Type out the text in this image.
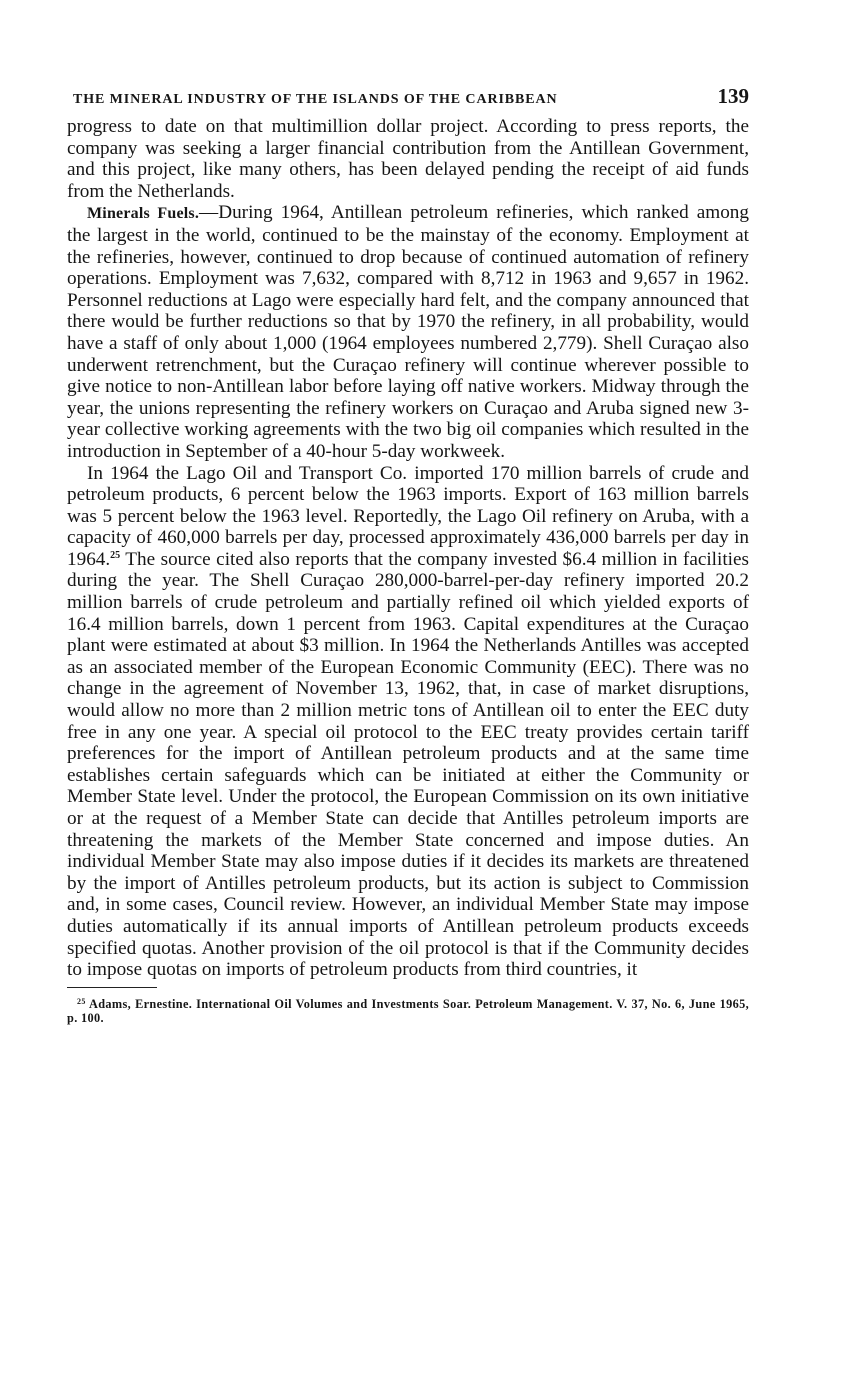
THE MINERAL INDUSTRY OF THE ISLANDS OF THE CARIBBEAN	139

progress to date on that multimillion dollar project. According to press reports, the company was seeking a larger financial contribution from the Antillean Government, and this project, like many others, has been delayed pending the receipt of aid funds from the Netherlands.

Minerals Fuels.—During 1964, Antillean petroleum refineries, which ranked among the largest in the world, continued to be the mainstay of the economy. Employment at the refineries, however, continued to drop because of continued automation of refinery operations. Employment was 7,632, compared with 8,712 in 1963 and 9,657 in 1962. Personnel reductions at Lago were especially hard felt, and the company announced that there would be further reductions so that by 1970 the refinery, in all probability, would have a staff of only about 1,000 (1964 employees numbered 2,779). Shell Curaçao also underwent retrenchment, but the Curaçao refinery will continue wherever possible to give notice to non-Antillean labor before laying off native workers. Midway through the year, the unions representing the refinery workers on Curaçao and Aruba signed new 3-year collective working agreements with the two big oil companies which resulted in the introduction in September of a 40-hour 5-day workweek.

In 1964 the Lago Oil and Transport Co. imported 170 million barrels of crude and petroleum products, 6 percent below the 1963 imports. Export of 163 million barrels was 5 percent below the 1963 level. Reportedly, the Lago Oil refinery on Aruba, with a capacity of 460,000 barrels per day, processed approximately 436,000 barrels per day in 1964.25 The source cited also reports that the company invested $6.4 million in facilities during the year. The Shell Curaçao 280,000-barrel-per-day refinery imported 20.2 million barrels of crude petroleum and partially refined oil which yielded exports of 16.4 million barrels, down 1 percent from 1963. Capital expenditures at the Curaçao plant were estimated at about $3 million. In 1964 the Netherlands Antilles was accepted as an associated member of the European Economic Community (EEC). There was no change in the agreement of November 13, 1962, that, in case of market disruptions, would allow no more than 2 million metric tons of Antillean oil to enter the EEC duty free in any one year. A special oil protocol to the EEC treaty provides certain tariff preferences for the import of Antillean petroleum products and at the same time establishes certain safeguards which can be initiated at either the Community or Member State level. Under the protocol, the European Commission on its own initiative or at the request of a Member State can decide that Antilles petroleum imports are threatening the markets of the Member State concerned and impose duties. An individual Member State may also impose duties if it decides its markets are threatened by the import of Antilles petroleum products, but its action is subject to Commission and, in some cases, Council review. However, an individual Member State may impose duties automatically if its annual imports of Antillean petroleum products exceeds specified quotas. Another provision of the oil protocol is that if the Community decides to impose quotas on imports of petroleum products from third countries, it

$^{25}$ Adams, Ernestine. International Oil Volumes and Investments Soar. Petroleum Management. V. 37, No. 6, June 1965, p. 100.
